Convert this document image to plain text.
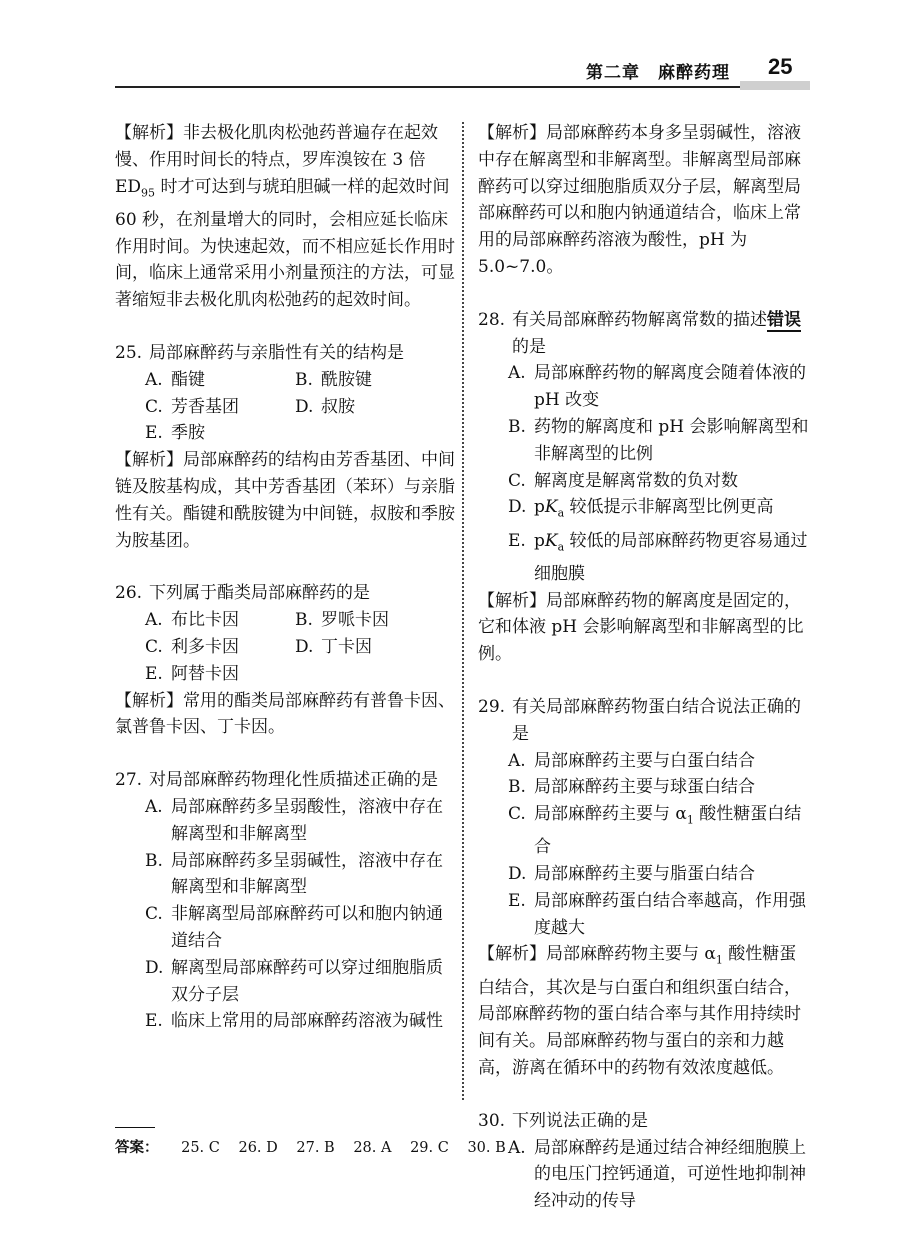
第二章　麻醉药理 25

【解析】非去极化肌肉松弛药普遍存在起效慢、作用时间长的特点，罗库溴铵在 3 倍$ED_{95}$ 时才可达到与琥珀胆碱一样的起效时间 60 秒，在剂量增大的同时，会相应延长临床作用时间。为快速起效，而不相应延长作用时间，临床上通常采用小剂量预注的方法，可显著缩短非去极化肌肉松弛药的起效时间。

25. 局部麻醉药与亲脂性有关的结构是
A. 酯键	B. 酰胺键
C. 芳香基团	D. 叔胺
E. 季胺

【解析】局部麻醉药的结构由芳香基团、中间链及胺基构成，其中芳香基团（苯环）与亲脂性有关。酯键和酰胺键为中间链，叔胺和季胺为胺基团。

26. 下列属于酯类局部麻醉药的是
A. 布比卡因	B. 罗哌卡因
C. 利多卡因	D. 丁卡因
E. 阿替卡因

【解析】常用的酯类局部麻醉药有普鲁卡因、氯普鲁卡因、丁卡因。

27. 对局部麻醉药物理化性质描述正确的是
A. 局部麻醉药多呈弱酸性，溶液中存在解离型和非解离型
B. 局部麻醉药多呈弱碱性，溶液中存在解离型和非解离型
C. 非解离型局部麻醉药可以和胞内钠通道结合
D. 解离型局部麻醉药可以穿过细胞脂质双分子层
E. 临床上常用的局部麻醉药溶液为碱性

【解析】局部麻醉药本身多呈弱碱性，溶液中存在解离型和非解离型。非解离型局部麻醉药可以穿过细胞脂质双分子层，解离型局部麻醉药可以和胞内钠通道结合，临床上常用的局部麻醉药溶液为酸性，pH 为 5.0~7.0。

28. 有关局部麻醉药物解离常数的描述错误的是
A. 局部麻醉药物的解离度会随着体液的 pH 改变
B. 药物的解离度和 pH 会影响解离型和非解离型的比例
C. 解离度是解离常数的负对数
D. $pK_a$ 较低提示非解离型比例更高
E. $pK_a$ 较低的局部麻醉药物更容易通过细胞膜

【解析】局部麻醉药物的解离度是固定的，它和体液 pH 会影响解离型和非解离型的比例。

29. 有关局部麻醉药物蛋白结合说法正确的是
A. 局部麻醉药主要与白蛋白结合
B. 局部麻醉药主要与球蛋白结合
C. 局部麻醉药主要与 $\alpha_1$ 酸性糖蛋白结合
D. 局部麻醉药主要与脂蛋白结合
E. 局部麻醉药蛋白结合率越高，作用强度越大

【解析】局部麻醉药物主要与 $\alpha_1$ 酸性糖蛋白结合，其次是与白蛋白和组织蛋白结合，局部麻醉药物的蛋白结合率与其作用持续时间有关。局部麻醉药物与蛋白的亲和力越高，游离在循环中的药物有效浓度越低。

30. 下列说法正确的是
A. 局部麻醉药是通过结合神经细胞膜上的电压门控钙通道，可逆性地抑制神经冲动的传导
答案： 25. C 26. D 27. B 28. A 29. C 30. B
